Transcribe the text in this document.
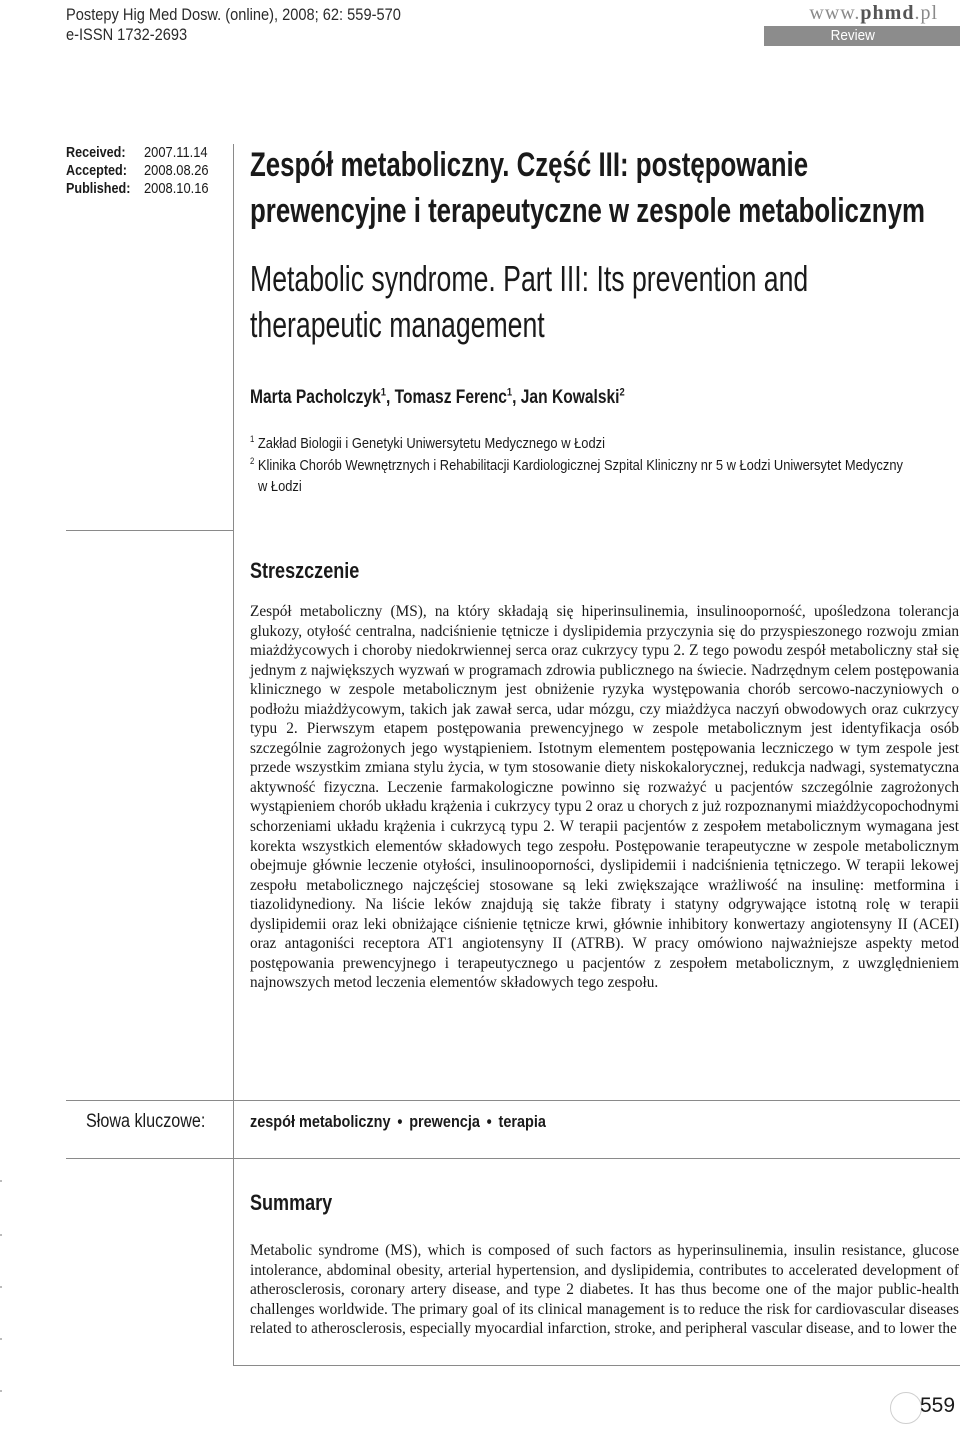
Postepy Hig Med Dosw. (online), 2008; 62: 559-570
e-ISSN 1732-2693
www.phmd.pl
Review
Received:	2007.11.14
Accepted:	2008.08.26
Published: 2008.10.16
Zespół metaboliczny. Część III: postępowanie
prewencyjne i terapeutyczne w zespole metabolicznym
Metabolic syndrome. Part III: Its prevention and
therapeutic management
Marta Pacholczyk$^1$, Tomasz Ferenc$^1$, Jan Kowalski$^2$
$^1$ Zakład Biologii i Genetyki Uniwersytetu Medycznego w Łodzi
$^2$ Klinika Chorób Wewnętrznych i Rehabilitacji Kardiologicznej Szpital Kliniczny nr 5 w Łodzi Uniwersytet Medyczny
w Łodzi
Streszczenie
Zespół metaboliczny (MS), na który składają się hiperinsulinemia, insulinooporność, upośledzona tolerancja glukozy, otyłość centralna, nadciśnienie tętnicze i dyslipidemia przyczynia się do przyspieszonego rozwoju zmian miażdżycowych i choroby niedokrwiennej serca oraz cukrzycy typu 2. Z tego powodu zespół metaboliczny stał się jednym z największych wyzwań w programach zdrowia publicznego na świecie. Nadrzędnym celem postępowania klinicznego w zespole metabolicznym jest obniżenie ryzyka występowania chorób sercowo-naczyniowych o podłożu miażdżycowym, takich jak zawał serca, udar mózgu, czy miażdżyca naczyń obwodowych oraz cukrzycy typu 2. Pierwszym etapem postępowania prewencyjnego w zespole metabolicznym jest identyfikacja osób szczególnie zagrożonych jego wystąpieniem. Istotnym elementem postępowania leczniczego w tym zespole jest przede wszystkim zmiana stylu życia, w tym stosowanie diety niskokalorycznej, redukcja nadwagi, systematyczna aktywność fizyczna. Leczenie farmakologiczne powinno się rozważyć u pacjentów szczególnie zagrożonych wystąpieniem chorób układu krążenia i cukrzycy typu 2 oraz u chorych z już rozpoznanymi miażdżycopochodnymi schorzeniami układu krążenia i cukrzycą typu 2. W terapii pacjentów z zespołem metabolicznym wymagana jest korekta wszystkich elementów składowych tego zespołu. Postępowanie terapeutyczne w zespole metabolicznym obejmuje głównie leczenie otyłości, insulinooporności, dyslipidemii i nadciśnienia tętniczego. W terapii lekowej zespołu metabolicznego najczęściej stosowane są leki zwiększające wrażliwość na insulinę: metformina i tiazolidynediony. Na liście leków znajdują się także fibraty i statyny odgrywające istotną rolę w terapii dyslipidemii oraz leki obniżające ciśnienie tętnicze krwi, głównie inhibitory konwertazy angiotensyny II (ACEI) oraz antagoniści receptora AT1 angiotensyny II (ATRB). W pracy omówiono najważniejsze aspekty metod postępowania prewencyjnego i terapeutycznego u pacjentów z zespołem metabolicznym, z uwzględnieniem najnowszych metod leczenia elementów składowych tego zespołu.
Słowa kluczowe:	zespół metaboliczny • prewencja • terapia
Summary
Metabolic syndrome (MS), which is composed of such factors as hyperinsulinemia, insulin resistance, glucose intolerance, abdominal obesity, arterial hypertension, and dyslipidemia, contributes to accelerated development of atherosclerosis, coronary artery disease, and type 2 diabetes. It has thus become one of the major public-health challenges worldwide. The primary goal of its clinical management is to reduce the risk for cardiovascular diseases related to atherosclerosis, especially myocardial infarction, stroke, and peripheral vascular disease, and to lower the
559
